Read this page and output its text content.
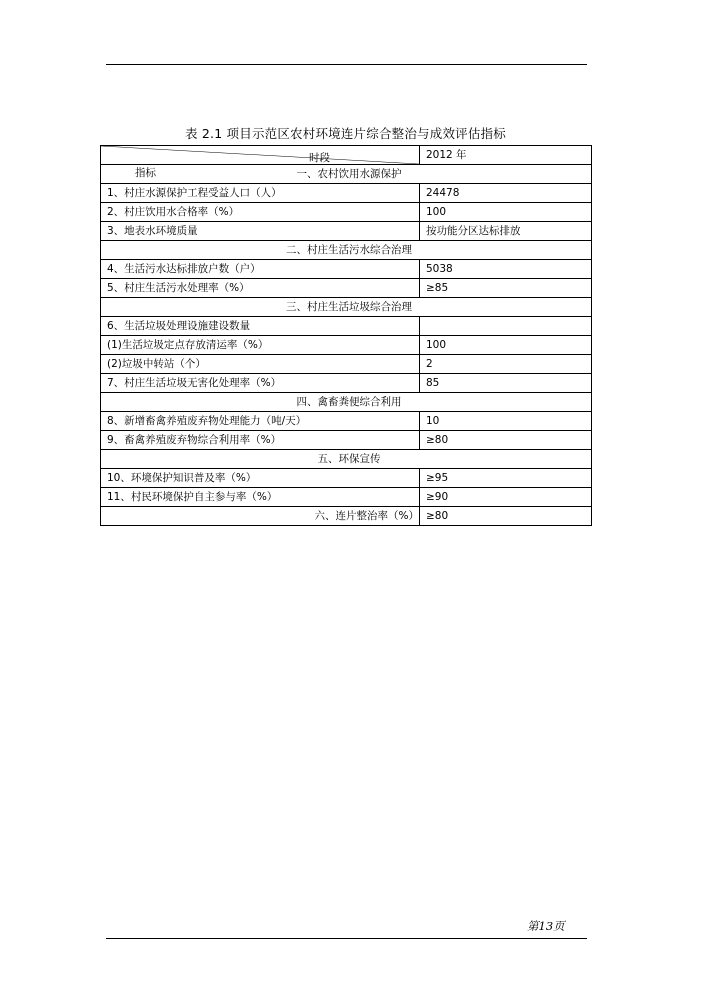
表 2.1 项目示范区农村环境连片综合整治与成效评估指标
时段
指标	2012 年
一、农村饮用水源保护	
1、村庄水源保护工程受益人口（人）	24478
2、村庄饮用水合格率（%）	100
3、地表水环境质量	按功能分区达标排放
二、村庄生活污水综合治理	
4、生活污水达标排放户数（户）	5038
5、村庄生活污水处理率（%）	≥85
三、村庄生活垃圾综合治理	
6、生活垃圾处理设施建设数量	
(1)生活垃圾定点存放清运率（%）	100
(2)垃圾中转站（个）	2
7、村庄生活垃圾无害化处理率（%）	85
四、禽畜粪便综合利用	
8、新增畜禽养殖废弃物处理能力（吨/天）	10
9、畜禽养殖废弃物综合利用率（%）	≥80
五、环保宣传	
10、环境保护知识普及率（%）	≥95
11、村民环境保护自主参与率（%）	≥90
六、连片整治率（%）	≥80
第13页
